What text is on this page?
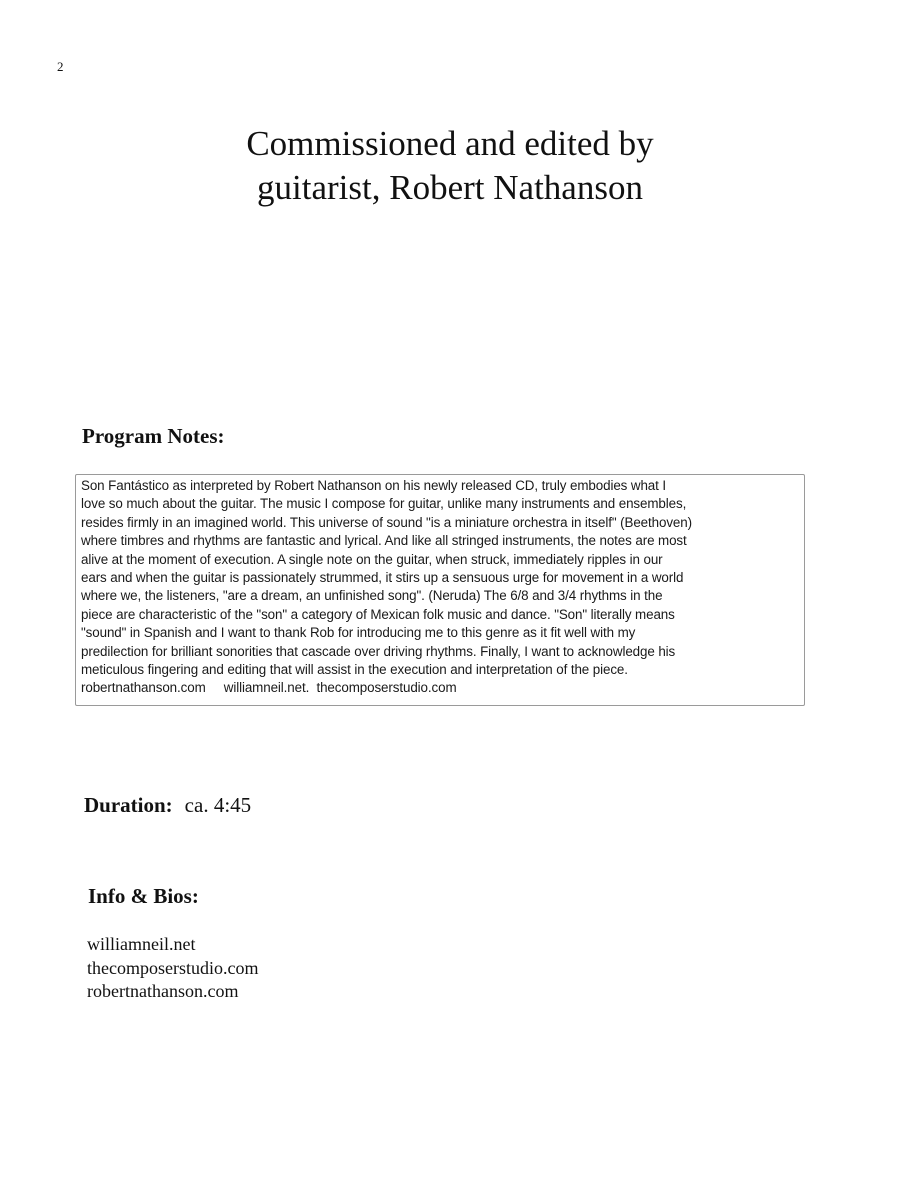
2
Commissioned and edited by
guitarist, Robert Nathanson
Program Notes:
Son Fantástico as interpreted by Robert Nathanson on his newly released CD, truly embodies what I
love so much about the guitar. The music I compose for guitar, unlike many instruments and ensembles,
resides firmly in an imagined world. This universe of sound "is a miniature orchestra in itself" (Beethoven)
where timbres and rhythms are fantastic and lyrical. And like all stringed instruments, the notes are most
alive at the moment of execution. A single note on the guitar, when struck, immediately ripples in our
ears and when the guitar is passionately strummed, it stirs up a sensuous urge for movement in a world
where we, the listeners, "are a dream, an unfinished song". (Neruda) The 6/8 and 3/4 rhythms in the
piece are characteristic of the "son" a category of Mexican folk music and dance. "Son" literally means
"sound" in Spanish and I want to thank Rob for introducing me to this genre as it fit well with my
predilection for brilliant sonorities that cascade over driving rhythms. Finally, I want to acknowledge his
meticulous fingering and editing that will assist in the execution and interpretation of the piece.
robertnathanson.com     williamneil.net.  thecomposerstudio.com
Duration: ca. 4:45
Info & Bios:
williamneil.net
thecomposerstudio.com
robertnathanson.com
